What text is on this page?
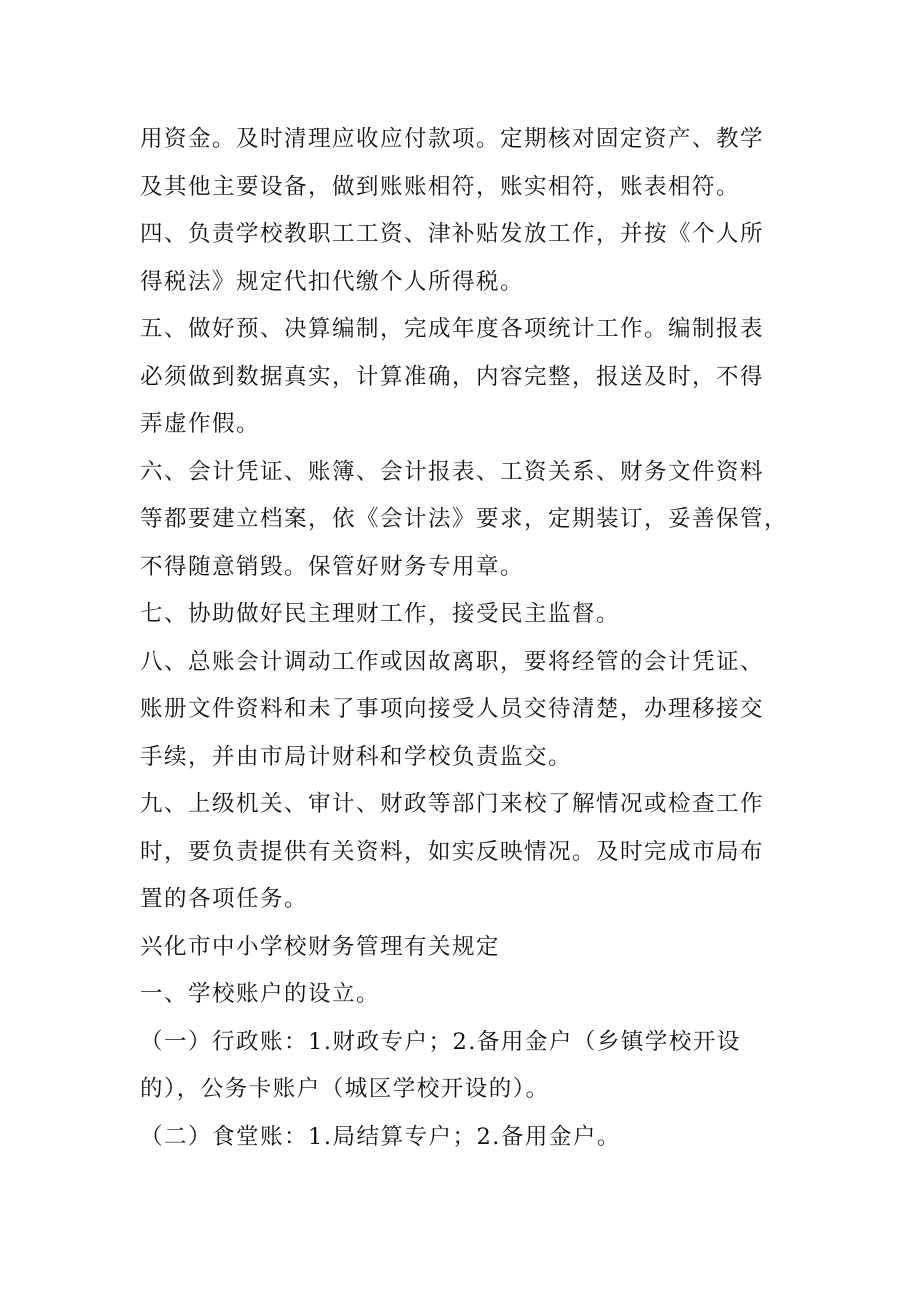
用资金。及时清理应收应付款项。定期核对固定资产、教学
及其他主要设备，做到账账相符，账实相符，账表相符。
四、负责学校教职工工资、津补贴发放工作，并按《个人所
得税法》规定代扣代缴个人所得税。
五、做好预、决算编制，完成年度各项统计工作。编制报表
必须做到数据真实，计算准确，内容完整，报送及时，不得
弄虚作假。
六、会计凭证、账簿、会计报表、工资关系、财务文件资料
等都要建立档案，依《会计法》要求，定期装订，妥善保管，
不得随意销毁。保管好财务专用章。
七、协助做好民主理财工作，接受民主监督。
八、总账会计调动工作或因故离职，要将经管的会计凭证、
账册文件资料和未了事项向接受人员交待清楚，办理移接交
手续，并由市局计财科和学校负责监交。
九、上级机关、审计、财政等部门来校了解情况或检查工作
时，要负责提供有关资料，如实反映情况。及时完成市局布
置的各项任务。
兴化市中小学校财务管理有关规定
一、学校账户的设立。
（一）行政账：1.财政专户；2.备用金户（乡镇学校开设
的），公务卡账户（城区学校开设的）。
（二）食堂账：1.局结算专户；2.备用金户。
